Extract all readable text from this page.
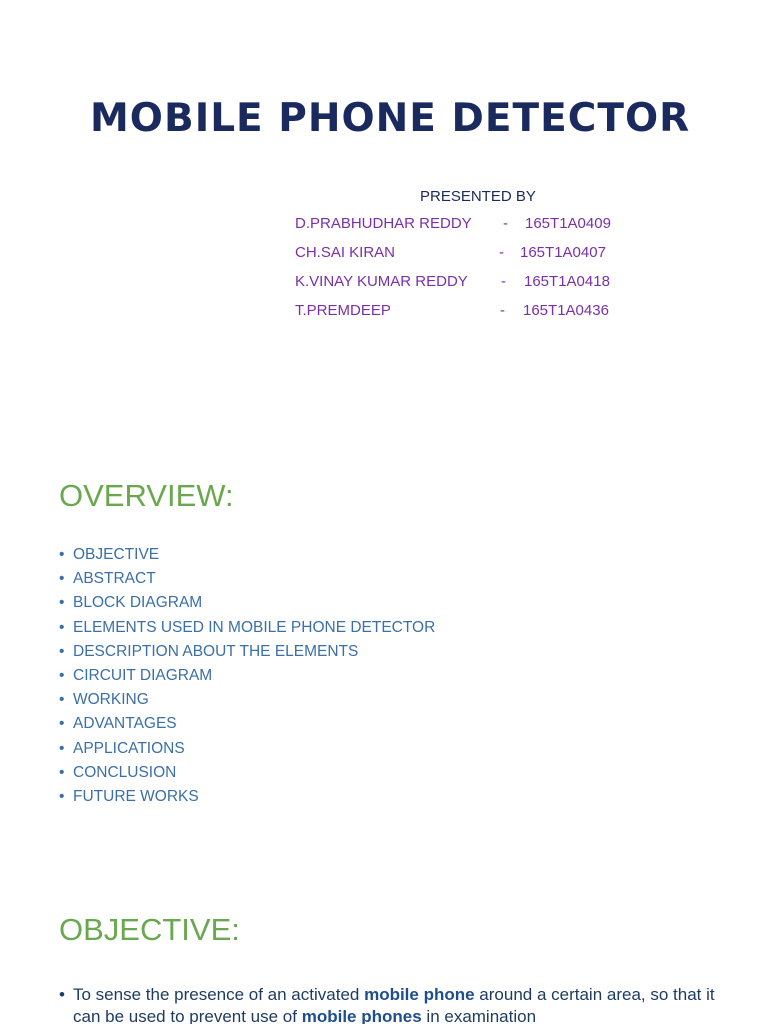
MOBILE PHONE DETECTOR
PRESENTED BY
D.PRABHUDHAR REDDY - 165T1A0409
CH.SAI KIRAN	- 165T1A0407
K.VINAY KUMAR REDDY - 165T1A0418
T.PREMDEEP	- 165T1A0436
OVERVIEW:
• OBJECTIVE
• ABSTRACT
• BLOCK DIAGRAM
• ELEMENTS USED IN MOBILE PHONE DETECTOR
• DESCRIPTION ABOUT THE ELEMENTS
• CIRCUIT DIAGRAM
• WORKING
• ADVANTAGES
• APPLICATIONS
• CONCLUSION
• FUTURE WORKS
OBJECTIVE:
• To sense the presence of an activated mobile phone around a certain area, so that it can be used to prevent use of mobile phones in examination
